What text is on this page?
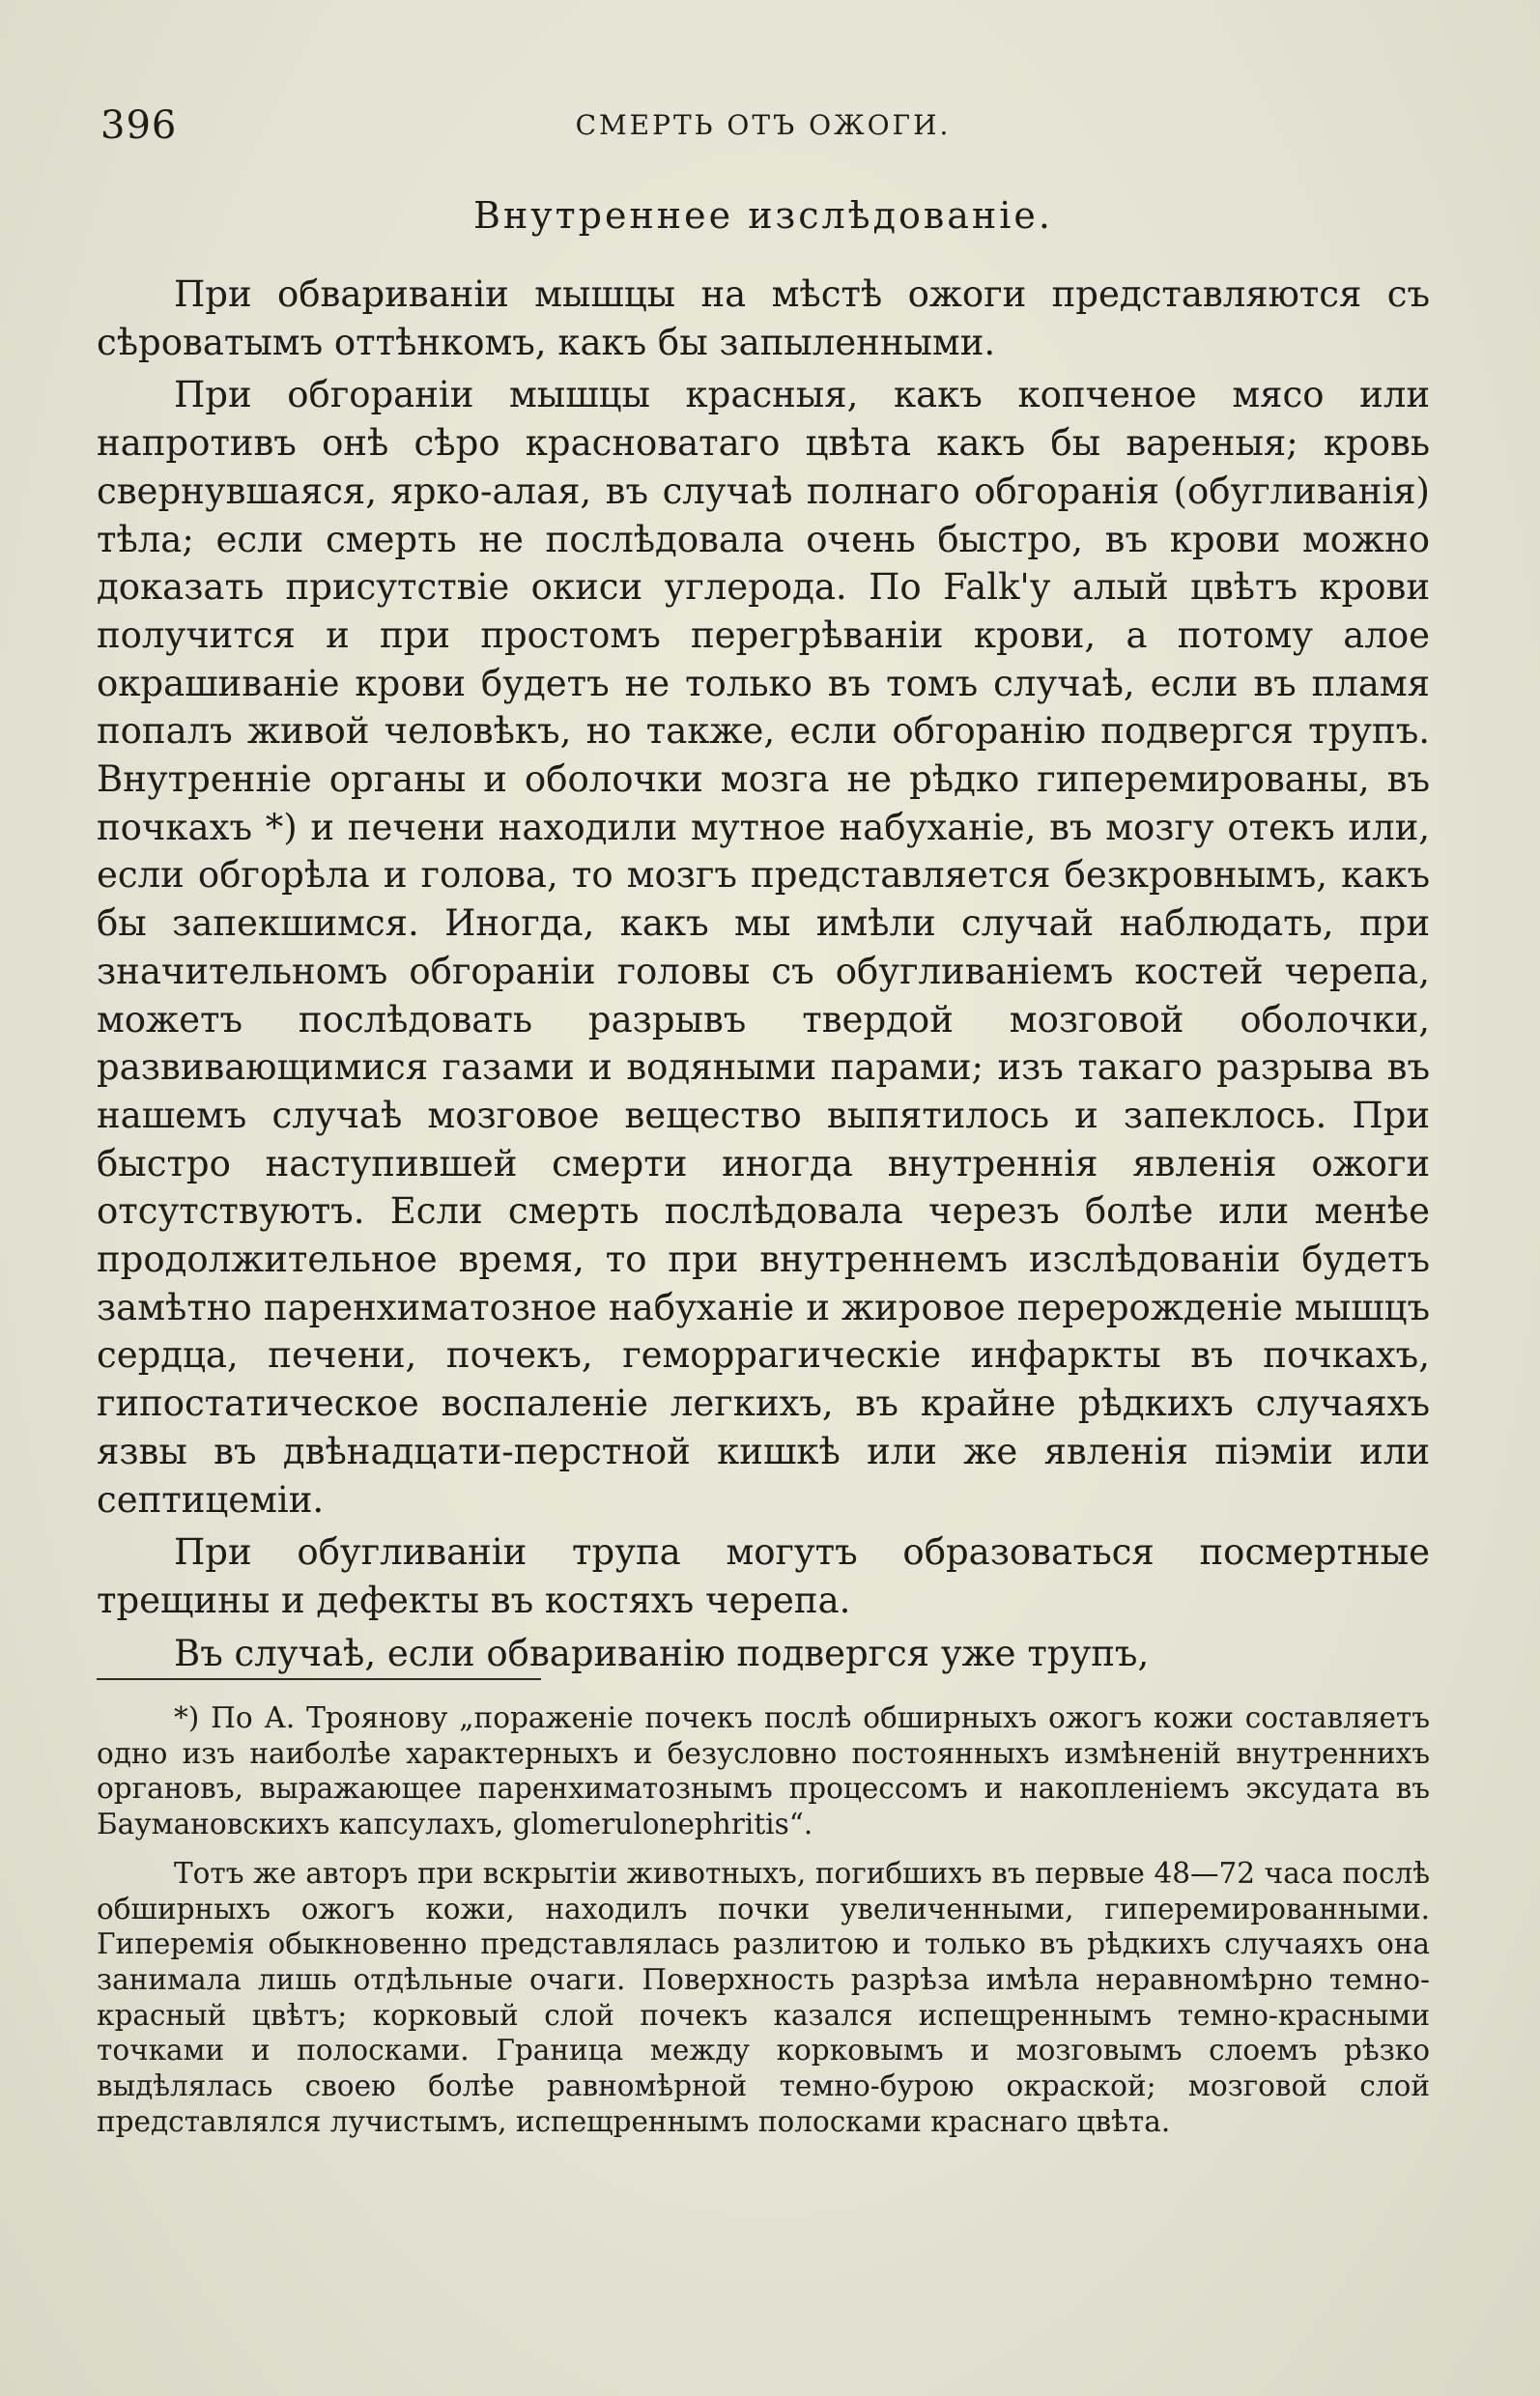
396	СМЕРТЬ ОТЪ ОЖОГИ.
Внутреннее изслѣдованіе.

При обвариваніи мышцы на мѣстѣ ожоги представляются съ сѣроватымъ оттѣнкомъ, какъ бы запыленными.

При обгораніи мышцы красныя, какъ копченое мясо или напротивъ онѣ сѣро красноватаго цвѣта какъ бы вареныя; кровь свернувшаяся, ярко-алая, въ случаѣ полнаго обгоранія (обугливанія) тѣла; если смерть не послѣдовала очень быстро, въ крови можно доказать присутствіе окиси углерода. По Falk'у алый цвѣтъ крови получится и при простомъ перегрѣваніи крови, а потому алое окрашиваніе крови будетъ не только въ томъ случаѣ, если въ пламя попалъ живой человѣкъ, но также, если обгоранію подвергся трупъ. Внутренніе органы и оболочки мозга не рѣдко гиперемированы, въ почкахъ *) и печени находили мутное набуханіе, въ мозгу отекъ или, если обгорѣла и голова, то мозгъ представляется безкровнымъ, какъ бы запекшимся. Иногда, какъ мы имѣли случай наблюдать, при значительномъ обгораніи головы съ обугливаніемъ костей черепа, можетъ послѣдовать разрывъ твердой мозговой оболочки, развивающимися газами и водяными парами; изъ такаго разрыва въ нашемъ случаѣ мозговое вещество выпятилось и запеклось. При быстро наступившей смерти иногда внутреннія явленія ожоги отсутствуютъ. Если смерть послѣдовала черезъ болѣе или менѣе продолжительное время, то при внутреннемъ изслѣдованіи будетъ замѣтно паренхиматозное набуханіе и жировое перерожденіе мышцъ сердца, печени, почекъ, геморрагическіе инфаркты въ почкахъ, гипостатическое воспаленіе легкихъ, въ крайне рѣдкихъ случаяхъ язвы въ двѣнадцати-перстной кишкѣ или же явленія піэміи или септицеміи.

При обугливаніи трупа могутъ образоваться посмертные трещины и дефекты въ костяхъ черепа.

Въ случаѣ, если обвариванію подвергся уже трупъ,

*) По А. Троянову „пораженіе почекъ послѣ обширныхъ ожогъ кожи составляетъ одно изъ наиболѣе характерныхъ и безусловно постоянныхъ измѣненій внутреннихъ органовъ, выражающее паренхиматознымъ процессомъ и накопленіемъ эксудата въ Баумановскихъ капсулахъ, glomerulonephritis“.

Тотъ же авторъ при вскрытіи животныхъ, погибшихъ въ первые 48—72 часа послѣ обширныхъ ожогъ кожи, находилъ почки увеличенными, гиперемированными. Гиперемія обыкновенно представлялась разлитою и только въ рѣдкихъ случаяхъ она занимала лишь отдѣльные очаги. Поверхность разрѣза имѣла неравномѣрно темно-красный цвѣтъ; корковый слой почекъ казался испещреннымъ темно-красными точками и полосками. Граница между корковымъ и мозговымъ слоемъ рѣзко выдѣлялась своею болѣе равномѣрной темно-бурою окраской; мозговой слой представлялся лучистымъ, испещреннымъ полосками краснаго цвѣта.
